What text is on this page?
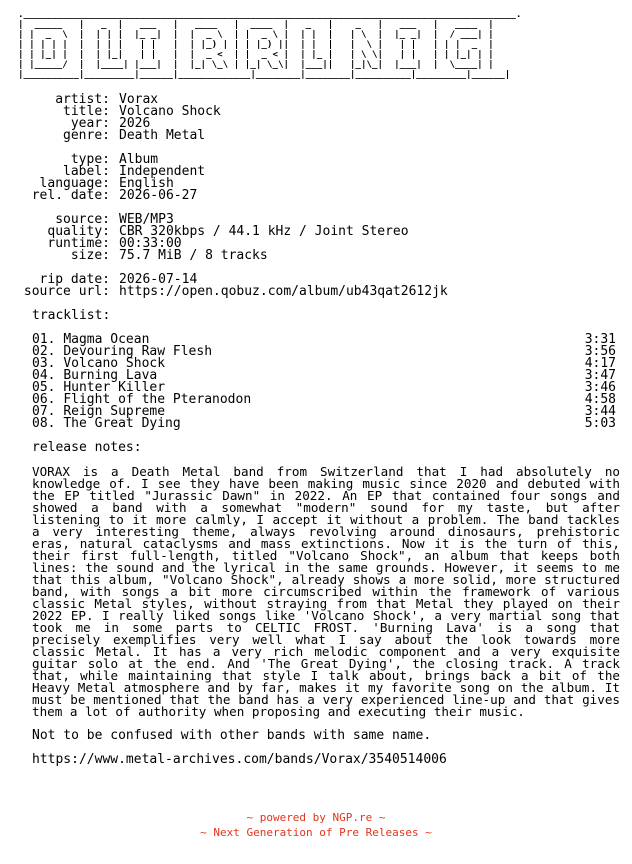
._________________________________________________________________________________________.
|  _____   |   _  |   ___   |   ____   |  ____  |   _   |    _   |   ___   |   ____  |
| |  _  \  |  | | |  |_ _|  |  |  _ \  | |  _ \ |  | |  |   | \  |  |_ _|  |  / ___| |
| | | | |  |  | | |   | |   |  | |_) | | | |_) ||  | |  |   |  \ |   | |   | | |  _  |
| | |_| |  |  | |_|   | |   |  |  _ <  | |  _ < |  | |_ |   | \ \|   | |   | | |_| | |
| |_____/  |  |____| |___|  |  |_| \_\ | |_| \_\|  |___||   |_|\_|  |___|  |  \____| |
|__________|_________|______|_____________|________|________|__________|_________|______|
artist: Vorax
title: Volcano Shock
year: 2026
genre: Death Metal
type: Album
label: Independent
language: English
rel. date: 2026-06-27
source: WEB/MP3
quality: CBR 320kbps / 44.1 kHz / Joint Stereo
runtime: 00:33:00
size: 75.7 MiB / 8 tracks
rip date: 2026-07-14
source url: https://open.qobuz.com/album/ub43qat2612jk
tracklist:
01. Magma Ocean	3:31
02. Devouring Raw Flesh	3:56
03. Volcano Shock	4:17
04. Burning Lava	3:47
05. Hunter Killer	3:46
06. Flight of the Pteranodon	4:58
07. Reign Supreme	3:44
08. The Great Dying	5:03
release notes:
VORAX is a Death Metal band from Switzerland that I had absolutely no knowledge of. I see they have been making music since 2020 and debuted with the EP titled "Jurassic Dawn" in 2022. An EP that contained four songs and showed a band with a somewhat "modern" sound for my taste, but after listening to it more calmly, I accept it without a problem. The band tackles a very interesting theme, always revolving around dinosaurs, prehistoric eras, natural cataclysms and mass extinctions. Now it is the turn of this, their first full-length, titled "Volcano Shock", an album that keeps both lines: the sound and the lyrical in the same grounds. However, it seems to me that this album, "Volcano Shock", already shows a more solid, more structured band, with songs a bit more circumscribed within the framework of various classic Metal styles, without straying from that Metal they played on their 2022 EP. I really liked songs like 'Volcano Shock', a very martial song that took me in some parts to CELTIC FROST. 'Burning Lava' is a song that precisely exemplifies very well what I say about the look towards more classic Metal. It has a very rich melodic component and a very exquisite guitar solo at the end. And 'The Great Dying', the closing track. A track that, while maintaining that style I talk about, brings back a bit of the Heavy Metal atmosphere and by far, makes it my favorite song on the album. It must be mentioned that the band has a very experienced line-up and that gives them a lot of authority when proposing and executing their music.
Not to be confused with other bands with same name.
https://www.metal-archives.com/bands/Vorax/3540514006
~ powered by NGP.re ~
~ Next Generation of Pre Releases ~
